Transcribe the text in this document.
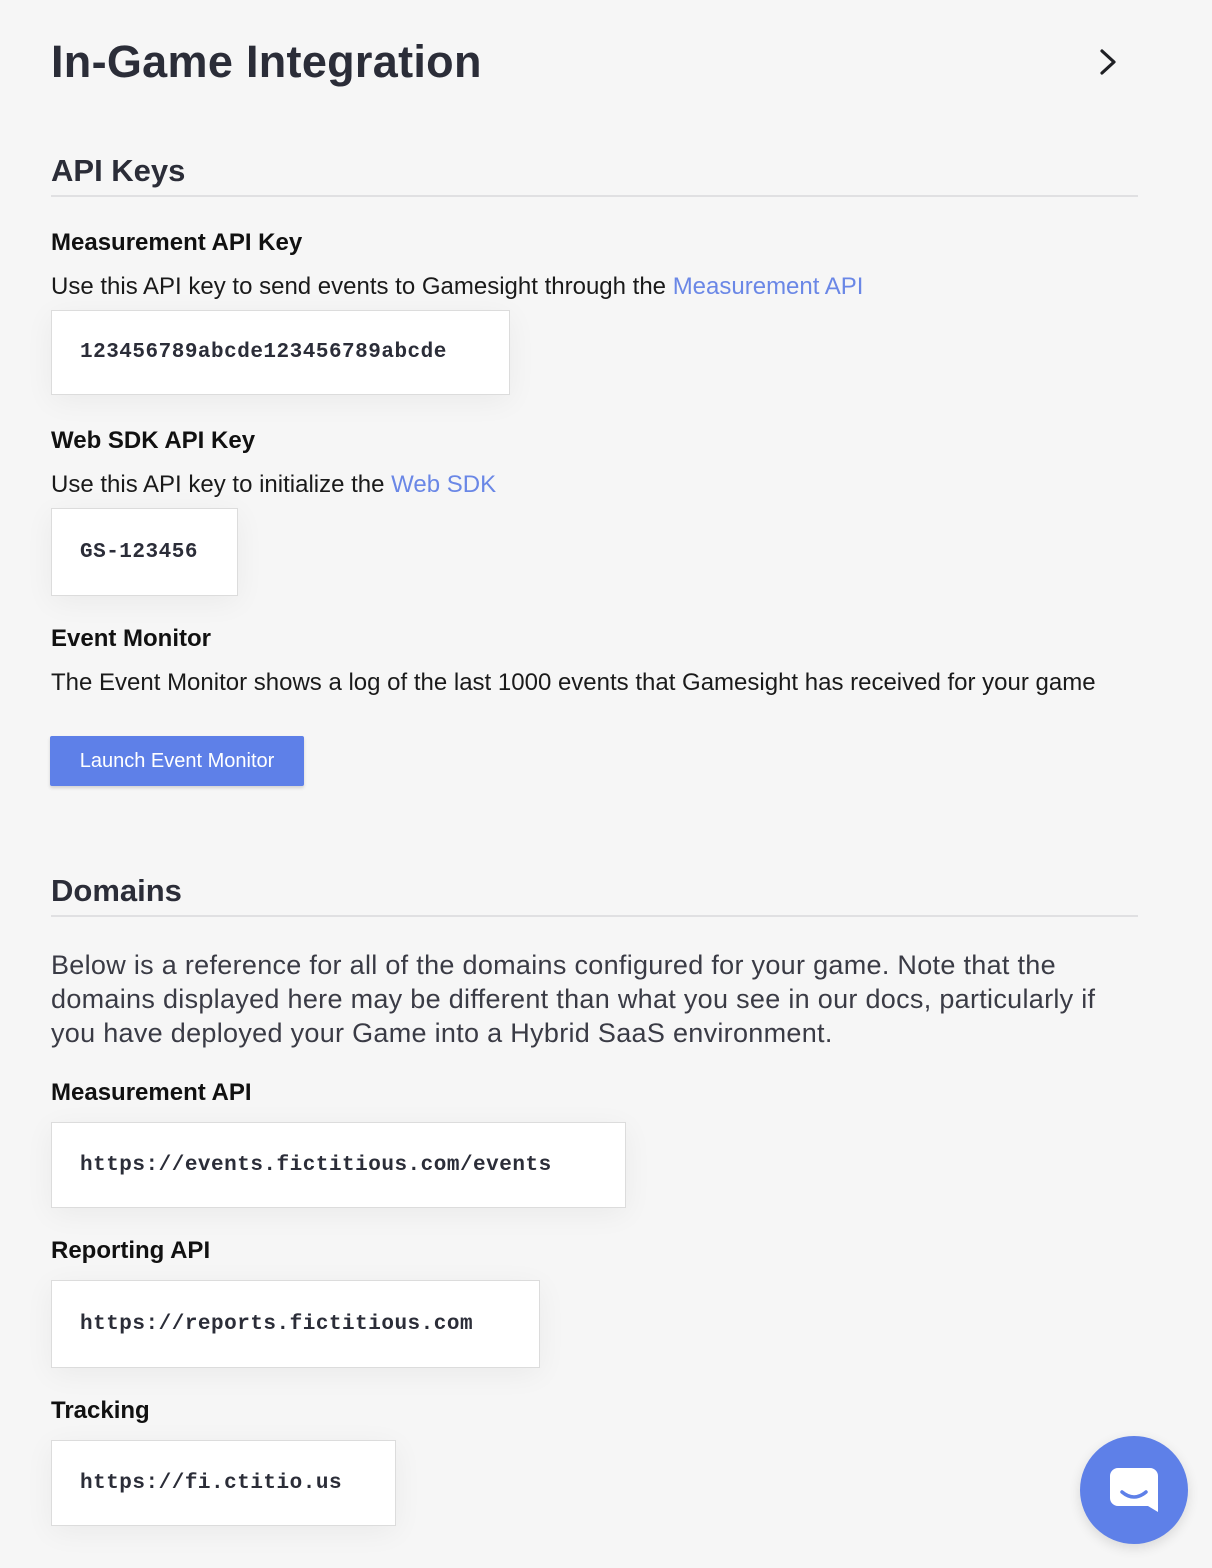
In-Game Integration
API Keys
Measurement API Key
Use this API key to send events to Gamesight through the Measurement API
123456789abcde123456789abcde
Web SDK API Key
Use this API key to initialize the Web SDK
GS-123456
Event Monitor
The Event Monitor shows a log of the last 1000 events that Gamesight has received for your game
Launch Event Monitor
Domains

Below is a reference for all of the domains configured for your game. Note that the domains displayed here may be different than what you see in our docs, particularly if you have deployed your Game into a Hybrid SaaS environment.

Measurement API
https://events.fictitious.com/events
Reporting API
https://reports.fictitious.com
Tracking
https://fi.ctitio.us
